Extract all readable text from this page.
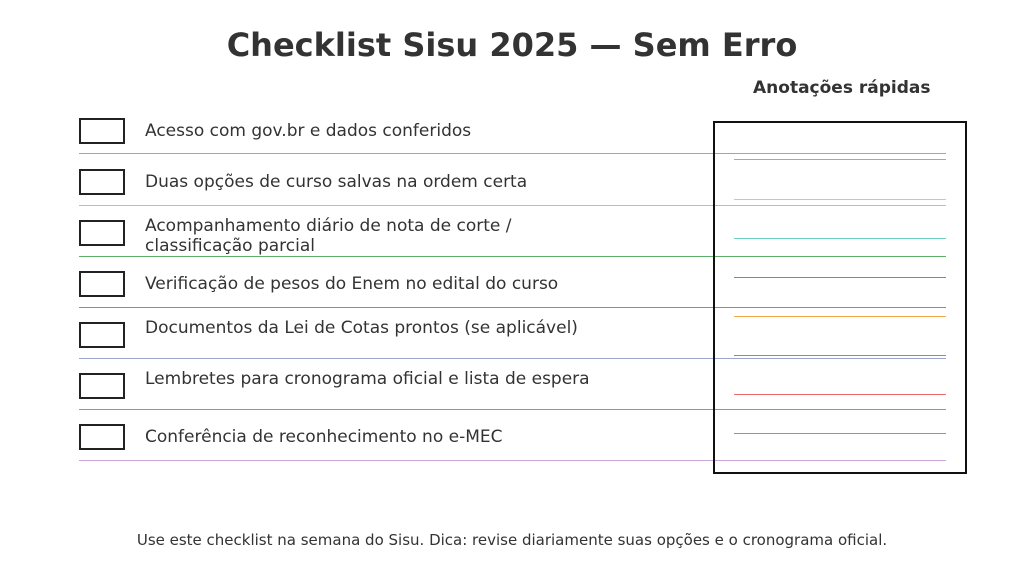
Checklist Sisu 2025 — Sem Erro
Anotações rápidas
Acesso com gov.br e dados conferidos
Duas opções de curso salvas na ordem certa
Acompanhamento diário de nota de corte / classificação parcial
Verificação de pesos do Enem no edital do curso
Documentos da Lei de Cotas prontos (se aplicável)
Lembretes para cronograma oficial e lista de espera
Conferência de reconhecimento no e-MEC
Use este checklist na semana do Sisu. Dica: revise diariamente suas opções e o cronograma oficial.
